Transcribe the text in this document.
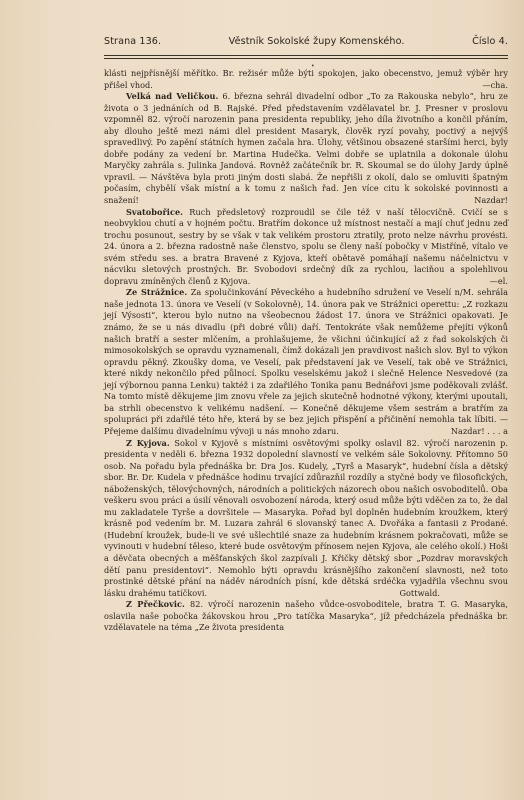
Strana 136.	Věstník Sokolské župy Komenského.	Číslo 4.
•

klásti nejpřísnější měřítko. Br. režisér může býti spokojen, jako obecenstvo, jemuž výběr hry přišel vhod.	—cha.

Velká nad Veličkou. 6. března sehrál divadelní odbor „To za Rakouska nebylo“, hru ze života o 3 jednáních od B. Rajské. Před představením vzdělavatel br. J. Presner v proslovu vzpomněl 82. výročí narozenin pana presidenta republiky, jeho díla životního a končil přáním, aby dlouho ještě mezi námi dlel president Masaryk, člověk ryzí povahy, poctivý a nejvýš spravedlivý. Po zapění státních hymen začala hra. Úlohy, většinou obsazené staršími herci, byly dobře podány za vedení br. Martina Hudečka. Velmi dobře se uplatnila a dokonale úlohu Maryčky zahrála s. Julinka Jandová. Rovněž začátečník br. R. Skoumal se do úlohy Jardy úplně vpravil. — Návštěva byla proti jiným dosti slabá. Že nepřišli z okolí, dalo se omluviti špatným počasím, chybělí však místní a k tomu z našich řad. Jen více citu k sokolské povinnosti a snažení!	Nazdar!

Svatobořice. Ruch předsletový rozproudil se čile též v naší tělocvičně. Cvičí se s neobvyklou chutí a v hojném počtu. Bratřím dokonce už místnost nestačí a mají chuť jednu zeď trochu posunout, sestry by se však v tak velikém prostoru ztratily, proto nelze návrhu provésti. 24. února a 2. března radostně naše členstvo, spolu se členy naší pobočky v Mistříně, vítalo ve svém středu ses. a bratra Bravené z Kyjova, kteří obětavě pomáhají našemu náčelnictvu v nácviku sletových prostných. Br. Svobodovi srdečný dík za rychlou, laciňou a spolehlivou dopravu zmíněných členů z Kyjova.	—el.

Ze Strážnice. Za spolučinkování Pěveckého a hudebního sdružení ve Veselí n/M. sehrála naše jednota 13. února ve Veselí (v Sokolovně), 14. února pak ve Strážnici operettu: „Z rozkazu její Výsosti“, kterou bylo nutno na všeobecnou žádost 17. února ve Strážnici opakovati. Je známo, že se u nás divadlu (při dobré vůli) daří. Tentokráte však nemůžeme přejíti výkonů našich bratří a sester mlčením, a prohlašujeme, že všichni účinkující až z řad sokolských či mimosokolských se opravdu vyznamenali, čímž dokázali jen pravdivost našich slov. Byl to výkon opravdu pěkný. Zkoušky doma, ve Veselí, pak představení jak ve Veselí, tak obě ve Strážnici, které nikdy nekončilo před půlnocí. Spolku veselskému jakož i slečně Helence Nesvedové (za její výbornou panna Lenku) taktéž i za zdařilého Tonika panu Bednářovi jsme poděkovali zvlášť. Na tomto místě děkujeme jim znovu vřele za jejich skutečně hodnotné výkony, kterými upoutali, ba strhli obecenstvo k velikému nadšení. — Konečně děkujeme všem sestrám a bratřím za spolupráci při zdařilé této hře, která by se bez jejich přispění a přičinění nemohla tak líbiti. — Přejeme dalšímu divadelnímu vývoji u nás mnoho zdaru.	Nazdar! . . . a

Z Kyjova. Sokol v Kyjově s místními osvětovými spolky oslavil 82. výročí narozenin p. presidenta v neděli 6. března 1932 dopolední slavností ve velkém sále Sokolovny. Přítomno 50 osob. Na pořadu byla přednáška br. Dra Jos. Kudely, „Tyrš a Masaryk“, hudební čísla a dětský sbor. Br. Dr. Kudela v přednášce hodinu trvající zdůrazňil rozdíly a styčné body ve filosofických, náboženských, tělovýchovných, národních a politických názorech obou našich osvoboditelů. Oba veškeru svou práci a úsilí věnovali osvobození národa, který osud může býti vděčen za to, že dal mu zakladatele Tyrše a dovršitele — Masaryka. Pořad byl doplněn hudebním kroužkem, který krásně pod vedením br. M. Luzara zahrál 6 slovanský tanec A. Dvořáka a fantasii z Prodané. (Hudební kroužek, bude-li ve své ušlechtilé snaze za hudebním krásnem pokračovati, může se vyvinouti v hudební těleso, které bude osvětovým přínosem nejen Kyjova, ale celého okolí.) Hoši a děvčata obecných a měšťanských škol zazpívali J. Křičky dětský sbor „Pozdrav moravských dětí panu presidentovi“. Nemohlo býti opravdu krásnějšího zakončení slavnosti, než toto prostinké dětské přání na náděv národních písní, kde dětská srdéčka vyjadřila všechnu svou lásku drahému tatíčkovi.	Gottwald.

Z Přečkovic. 82. výročí narozenin našeho vůdce-osvoboditele, bratra T. G. Masaryka, oslavila naše pobočka žákovskou hrou „Pro tatíčka Masaryka“, jíž předcházela přednáška br. vzdělavatele na téma „Ze života presidenta
